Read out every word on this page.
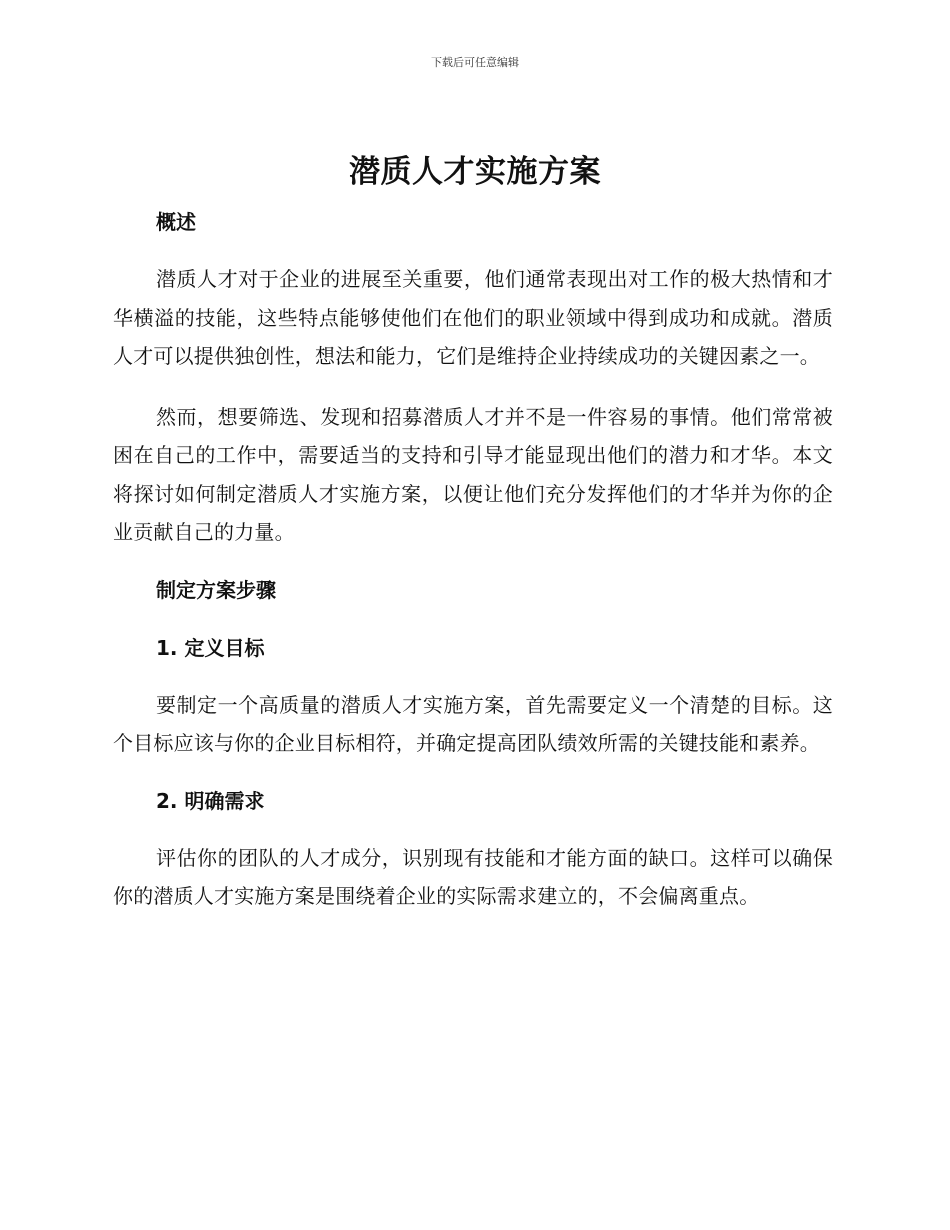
下载后可任意编辑
潜质人才实施方案
概述

潜质人才对于企业的进展至关重要，他们通常表现出对工作的极大热情和才华横溢的技能，这些特点能够使他们在他们的职业领域中得到成功和成就。潜质人才可以提供独创性，想法和能力，它们是维持企业持续成功的关键因素之一。

然而，想要筛选、发现和招募潜质人才并不是一件容易的事情。他们常常被困在自己的工作中，需要适当的支持和引导才能显现出他们的潜力和才华。本文将探讨如何制定潜质人才实施方案，以便让他们充分发挥他们的才华并为你的企业贡献自己的力量。

制定方案步骤
1. 定义目标

要制定一个高质量的潜质人才实施方案，首先需要定义一个清楚的目标。这个目标应该与你的企业目标相符，并确定提高团队绩效所需的关键技能和素养。

2. 明确需求

评估你的团队的人才成分，识别现有技能和才能方面的缺口。这样可以确保你的潜质人才实施方案是围绕着企业的实际需求建立的，不会偏离重点。
